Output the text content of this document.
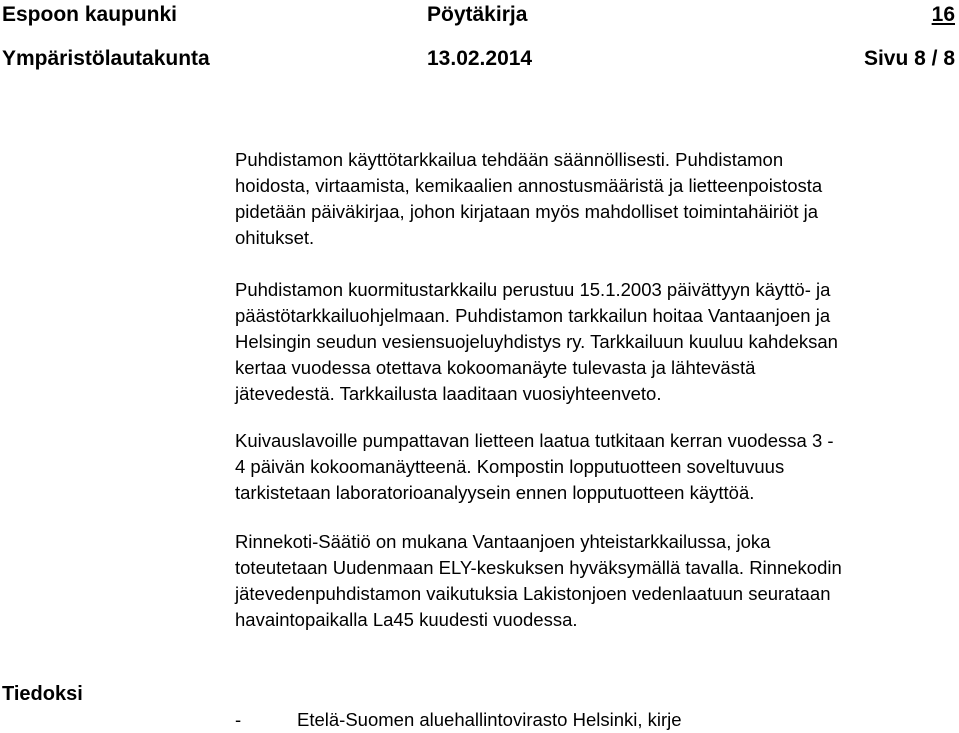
Espoon kaupunki	Pöytäkirja	16
Ympäristölautakunta	13.02.2014	Sivu 8 / 8

Puhdistamon käyttötarkkailua tehdään säännöllisesti. Puhdistamon
hoidosta, virtaamista, kemikaalien annostusmääristä ja lietteenpoistosta
pidetään päiväkirjaa, johon kirjataan myös mahdolliset toimintahäiriöt ja
ohitukset.

Puhdistamon kuormitustarkkailu perustuu 15.1.2003 päivättyyn käyttö- ja
päästötarkkailuohjelmaan. Puhdistamon tarkkailun hoitaa Vantaanjoen ja
Helsingin seudun vesiensuojeluyhdistys ry. Tarkkailuun kuuluu kahdeksan
kertaa vuodessa otettava kokoomanäyte tulevasta ja lähtevästä
jätevedestä. Tarkkailusta laaditaan vuosiyhteenveto.

Kuivauslavoille pumpattavan lietteen laatua tutkitaan kerran vuodessa 3 -
4 päivän kokoomanäytteenä. Kompostin lopputuotteen soveltuvuus
tarkistetaan laboratorioanalyysein ennen lopputuotteen käyttöä.

Rinnekoti-Säätiö on mukana Vantaanjoen yhteistarkkailussa, joka
toteutetaan Uudenmaan ELY-keskuksen hyväksymällä tavalla. Rinnekodin
jätevedenpuhdistamon vaikutuksia Lakistonjoen vedenlaatuun seurataan
havaintopaikalla La45 kuudesti vuodessa.

Tiedoksi
-	Etelä-Suomen aluehallintovirasto Helsinki, kirje
